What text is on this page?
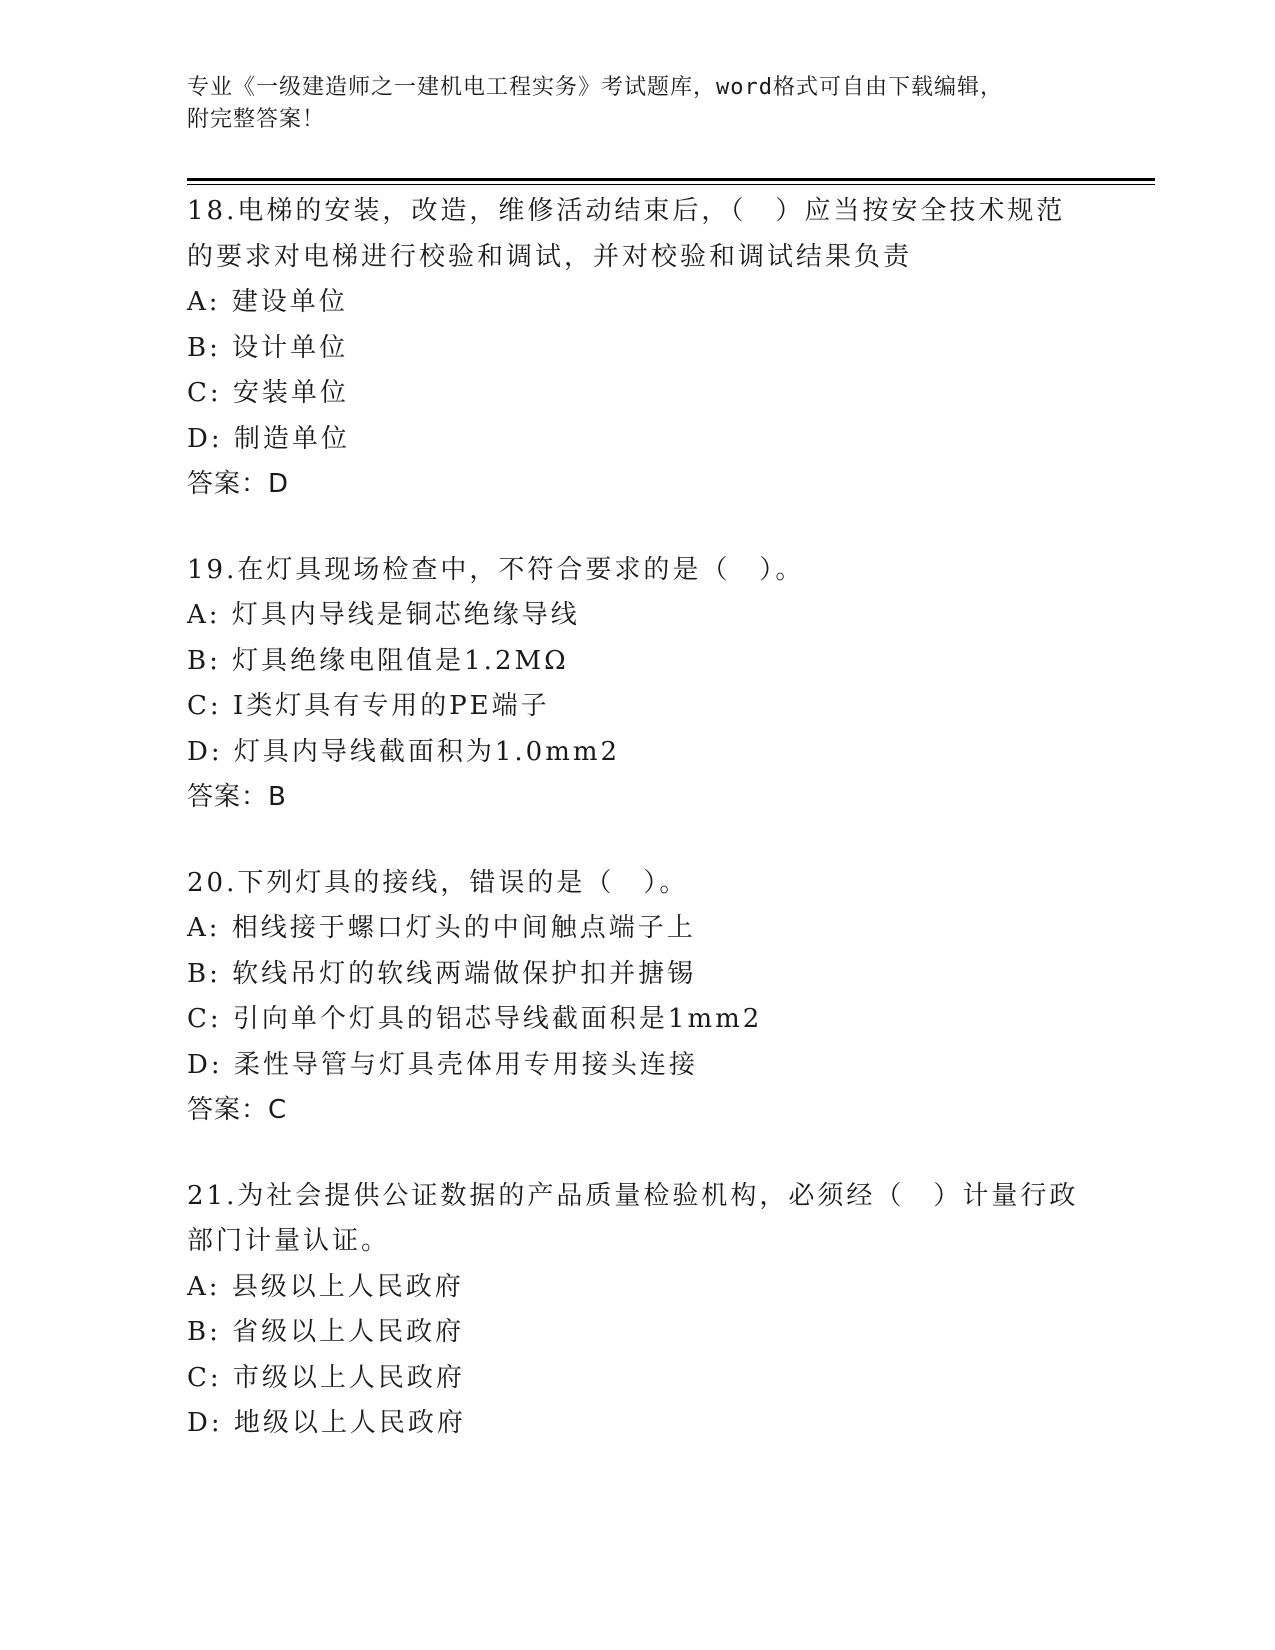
专业《一级建造师之一建机电工程实务》考试题库，word格式可自由下载编辑，

附完整答案！

18.电梯的安装，改造，维修活动结束后，（　）应当按安全技术规范
的要求对电梯进行校验和调试，并对校验和调试结果负责
A: 建设单位
B: 设计单位
C: 安装单位
D: 制造单位
答案：D
19.在灯具现场检查中，不符合要求的是（　）。
A: 灯具内导线是铜芯绝缘导线
B: 灯具绝缘电阻值是1.2MΩ
C: Ⅰ类灯具有专用的PE端子
D: 灯具内导线截面积为1.0mm2
答案：B
20.下列灯具的接线，错误的是（　）。
A: 相线接于螺口灯头的中间触点端子上
B: 软线吊灯的软线两端做保护扣并搪锡
C: 引向单个灯具的铝芯导线截面积是1mm2
D: 柔性导管与灯具壳体用专用接头连接
答案：C
21.为社会提供公证数据的产品质量检验机构，必须经（　）计量行政
部门计量认证。
A: 县级以上人民政府
B: 省级以上人民政府
C: 市级以上人民政府
D: 地级以上人民政府
